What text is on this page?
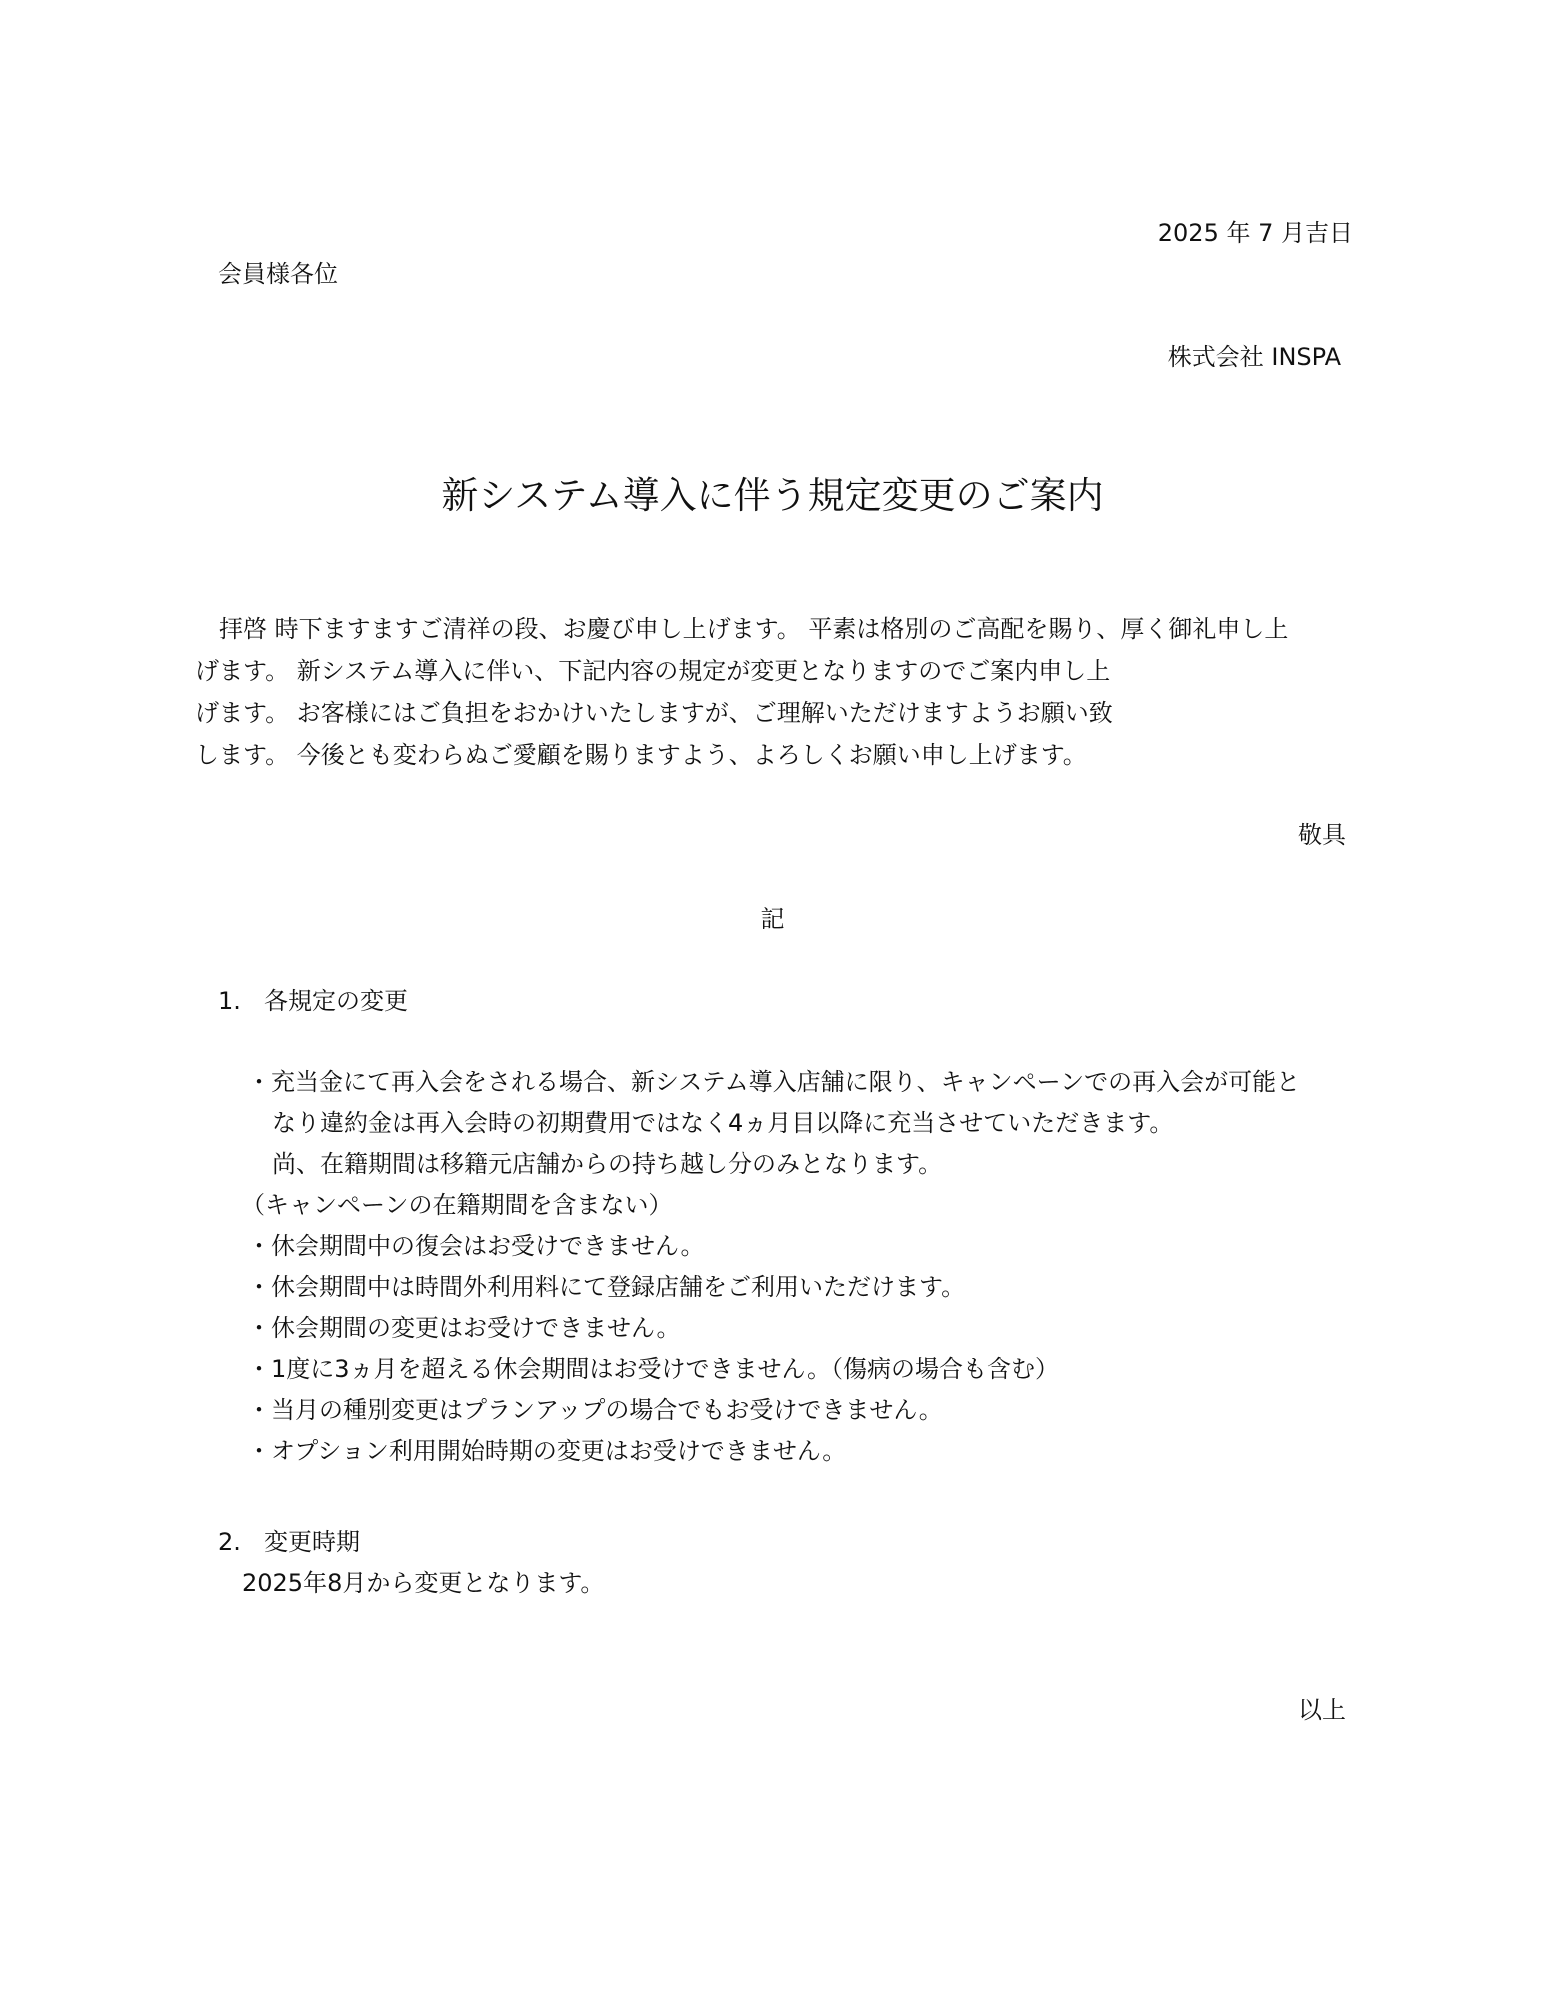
2025 年 7 月吉日
会員様各位
株式会社 INSPA
新システム導入に伴う規定変更のご案内
　拝啓 時下ますますご清祥の段、お慶び申し上げます。 平素は格別のご高配を賜り、厚く御礼申し上
げます。 新システム導入に伴い、下記内容の規定が変更となりますのでご案内申し上
げます。 お客様にはご負担をおかけいたしますが、ご理解いただけますようお願い致
します。 今後とも変わらぬご愛顧を賜りますよう、よろしくお願い申し上げます。
敬具
記
1. 各規定の変更
・充当金にて再入会をされる場合、新システム導入店舗に限り、キャンペーンでの再入会が可能と
なり違約金は再入会時の初期費用ではなく4ヵ月目以降に充当させていただきます。
尚、在籍期間は移籍元店舗からの持ち越し分のみとなります。
（キャンペーンの在籍期間を含まない）
・休会期間中の復会はお受けできません。
・休会期間中は時間外利用料にて登録店舗をご利用いただけます。
・休会期間の変更はお受けできません。
・1度に3ヵ月を超える休会期間はお受けできません。（傷病の場合も含む）
・当月の種別変更はプランアップの場合でもお受けできません。
・オプション利用開始時期の変更はお受けできません。
2. 変更時期
2025年8月から変更となります。
以上
